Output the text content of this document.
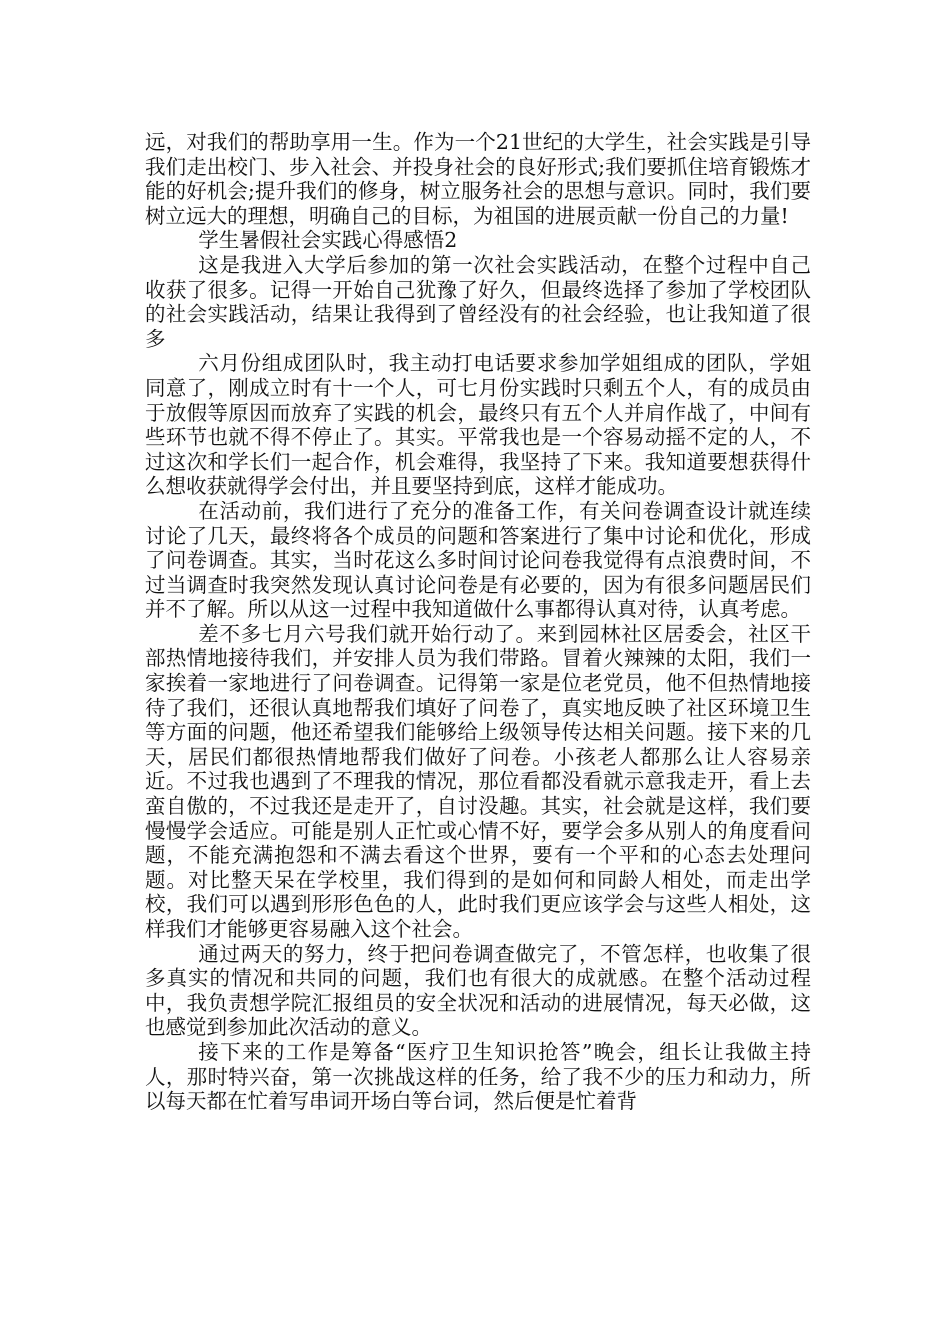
远，对我们的帮助享用一生。作为一个21世纪的大学生，社会实践是引导我们走出校门、步入社会、并投身社会的良好形式;我们要抓住培育锻炼才能的好机会;提升我们的修身，树立服务社会的思想与意识。同时，我们要树立远大的理想，明确自己的目标，为祖国的进展贡献一份自己的力量!

学生暑假社会实践心得感悟2

这是我进入大学后参加的第一次社会实践活动，在整个过程中自己收获了很多。记得一开始自己犹豫了好久，但最终选择了参加了学校团队的社会实践活动，结果让我得到了曾经没有的社会经验，也让我知道了很多

六月份组成团队时，我主动打电话要求参加学姐组成的团队，学姐同意了，刚成立时有十一个人，可七月份实践时只剩五个人，有的成员由于放假等原因而放弃了实践的机会，最终只有五个人并肩作战了，中间有些环节也就不得不停止了。其实。平常我也是一个容易动摇不定的人，不过这次和学长们一起合作，机会难得，我坚持了下来。我知道要想获得什么想收获就得学会付出，并且要坚持到底，这样才能成功。

在活动前，我们进行了充分的准备工作，有关问卷调查设计就连续讨论了几天，最终将各个成员的问题和答案进行了集中讨论和优化，形成了问卷调查。其实，当时花这么多时间讨论问卷我觉得有点浪费时间，不过当调查时我突然发现认真讨论问卷是有必要的，因为有很多问题居民们并不了解。所以从这一过程中我知道做什么事都得认真对待，认真考虑。

差不多七月六号我们就开始行动了。来到园林社区居委会，社区干部热情地接待我们，并安排人员为我们带路。冒着火辣辣的太阳，我们一家挨着一家地进行了问卷调查。记得第一家是位老党员，他不但热情地接待了我们，还很认真地帮我们填好了问卷了，真实地反映了社区环境卫生等方面的问题，他还希望我们能够给上级领导传达相关问题。接下来的几天，居民们都很热情地帮我们做好了问卷。小孩老人都那么让人容易亲近。不过我也遇到了不理我的情况，那位看都没看就示意我走开，看上去蛮自傲的，不过我还是走开了，自讨没趣。其实，社会就是这样，我们要慢慢学会适应。可能是别人正忙或心情不好，要学会多从别人的角度看问题，不能充满抱怨和不满去看这个世界，要有一个平和的心态去处理问题。对比整天呆在学校里，我们得到的是如何和同龄人相处，而走出学校，我们可以遇到形形色色的人，此时我们更应该学会与这些人相处，这样我们才能够更容易融入这个社会。

通过两天的努力，终于把问卷调查做完了，不管怎样，也收集了很多真实的情况和共同的问题，我们也有很大的成就感。在整个活动过程中，我负责想学院汇报组员的安全状况和活动的进展情况，每天必做，这也感觉到参加此次活动的意义。

接下来的工作是筹备“医疗卫生知识抢答”晚会，组长让我做主持人，那时特兴奋，第一次挑战这样的任务，给了我不少的压力和动力，所以每天都在忙着写串词开场白等台词，然后便是忙着背
